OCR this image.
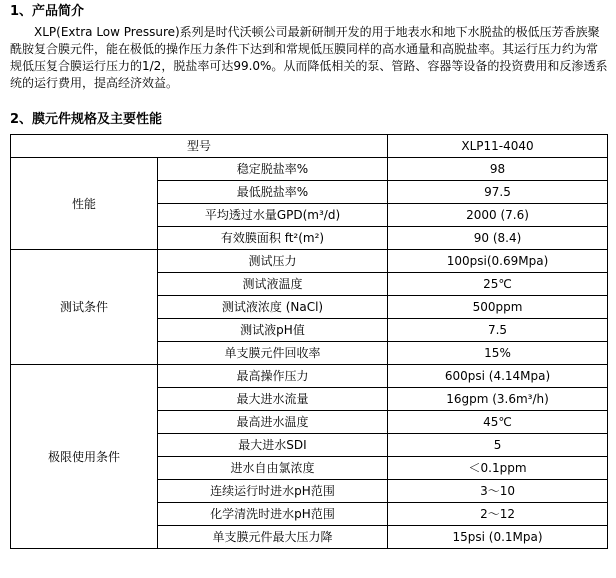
1、产品简介
XLP(Extra Low Pressure)系列是时代沃顿公司最新研制开发的用于地表水和地下水脱盐的极低压芳香族聚酰胺复合膜元件，能在极低的操作压力条件下达到和常规低压膜同样的高水通量和高脱盐率。其运行压力约为常规低压复合膜运行压力的1/2，脱盐率可达99.0%。从而降低相关的泵、管路、容器等设备的投资费用和反渗透系统的运行费用，提高经济效益。
2、膜元件规格及主要性能
型号		XLP11-4040
性能	稳定脱盐率%	98
	最低脱盐率%	97.5
	平均透过水量GPD(m³/d)	2000 (7.6)
	有效膜面积 ft²(m²)	90 (8.4)
测试条件	测试压力	100psi(0.69Mpa)
	测试液温度	25℃
	测试液浓度 (NaCl)	500ppm
	测试液pH值	7.5
	单支膜元件回收率	15%
极限使用条件	最高操作压力	600psi (4.14Mpa)
	最大进水流量	16gpm (3.6m³/h)
	最高进水温度	45℃
	最大进水SDI	5
	进水自由氯浓度	＜0.1ppm
	连续运行时进水pH范围	3～10
	化学清洗时进水pH范围	2～12
	单支膜元件最大压力降	15psi (0.1Mpa)
